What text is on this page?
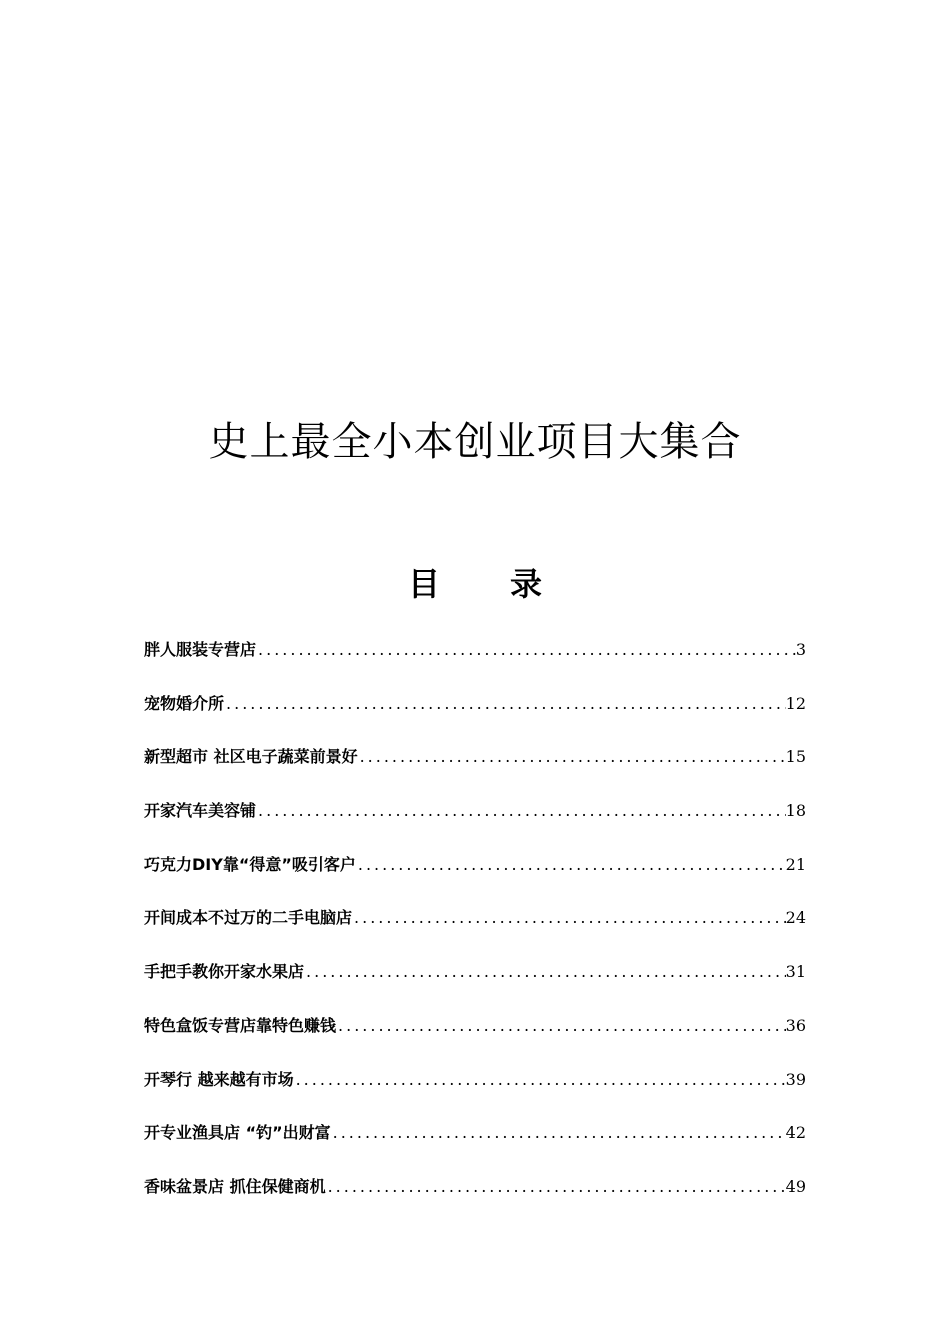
史上最全小本创业项目大集合
目 录
胖人服装专营店 .....	3
宠物婚介所 .....	12
新型超市 社区电子蔬菜前景好 .....	15
开家汽车美容铺 .....	18
巧克力DIY靠“得意”吸引客户 .....	21
开间成本不过万的二手电脑店 .....	24
手把手教你开家水果店 .....	31
特色盒饭专营店靠特色赚钱 .....	36
开琴行 越来越有市场 .....	39
开专业渔具店 “钓”出财富 .....	42
香味盆景店 抓住保健商机 .....	49
